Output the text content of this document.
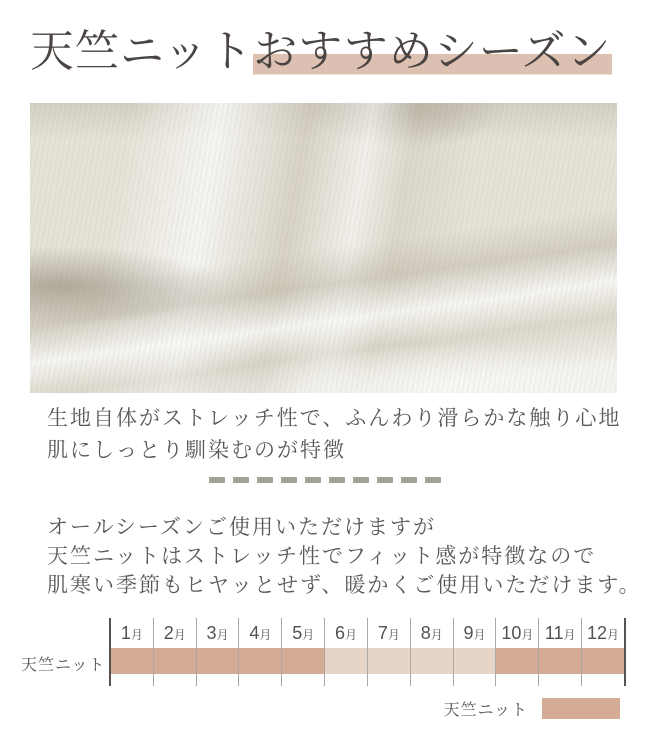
天竺ニットおすすめシーズン

生地自体がストレッチ性で、ふんわり滑らかな触り心地
肌にしっとり馴染むのが特徴

オールシーズンご使用いただけますが
天竺ニットはストレッチ性でフィット感が特徴なので
肌寒い季節もヒヤッとせず、暖かくご使用いただけます。

天竺ニット
1月	2月	3月	4月	5月	6月	7月	8月	9月 10月 11月 12月
天竺ニット
